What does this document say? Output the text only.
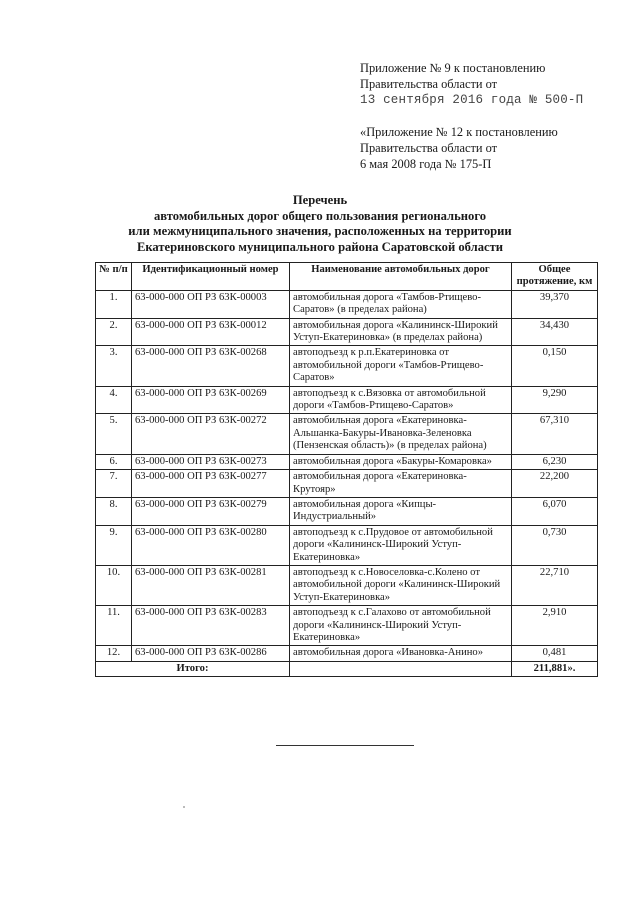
Приложение № 9 к постановлению
Правительства области от
13 сентября 2016 года № 500-П
«Приложение № 12 к постановлению
Правительства области от
6 мая 2008 года № 175-П
Перечень
автомобильных дорог общего пользования регионального
или межмуниципального значения, расположенных на территории
Екатериновского муниципального района Саратовской области
№ п/п	Идентификационный номер	Наименование автомобильных дорог	Общее протяжение, км
1.	63-000-000 ОП РЗ 63К-00003	автомобильная дорога «Тамбов-Ртищево-Саратов» (в пределах района)	39,370
2.	63-000-000 ОП РЗ 63К-00012	автомобильная дорога «Калининск-Широкий Уступ-Екатериновка» (в пределах района)	34,430
3.	63-000-000 ОП РЗ 63К-00268	автоподъезд к р.п.Екатериновка от автомобильной дороги «Тамбов-Ртищево-Саратов»	0,150
4.	63-000-000 ОП РЗ 63К-00269	автоподъезд к с.Вязовка от автомобильной дороги «Тамбов-Ртищево-Саратов»	9,290
5.	63-000-000 ОП РЗ 63К-00272	автомобильная дорога «Екатериновка-Альшанка-Бакуры-Ивановка-Зеленовка (Пензенская область)» (в пределах района)	67,310
6.	63-000-000 ОП РЗ 63К-00273	автомобильная дорога «Бакуры-Комаровка»	6,230
7.	63-000-000 ОП РЗ 63К-00277	автомобильная дорога «Екатериновка-Крутояр»	22,200
8.	63-000-000 ОП РЗ 63К-00279	автомобильная дорога «Кипцы-Индустриальный»	6,070
9.	63-000-000 ОП РЗ 63К-00280	автоподъезд к с.Прудовое от автомобильной дороги «Калининск-Широкий Уступ-Екатериновка»	0,730
10.	63-000-000 ОП РЗ 63К-00281	автоподъезд к с.Новоселовка-с.Колено от автомобильной дороги «Калининск-Широкий Уступ-Екатериновка»	22,710
11.	63-000-000 ОП РЗ 63К-00283	автоподъезд к с.Галахово от автомобильной дороги «Калининск-Широкий Уступ-Екатериновка»	2,910
12.	63-000-000 ОП РЗ 63К-00286	автомобильная дорога «Ивановка-Анино»	0,481
Итого:			211,881».
